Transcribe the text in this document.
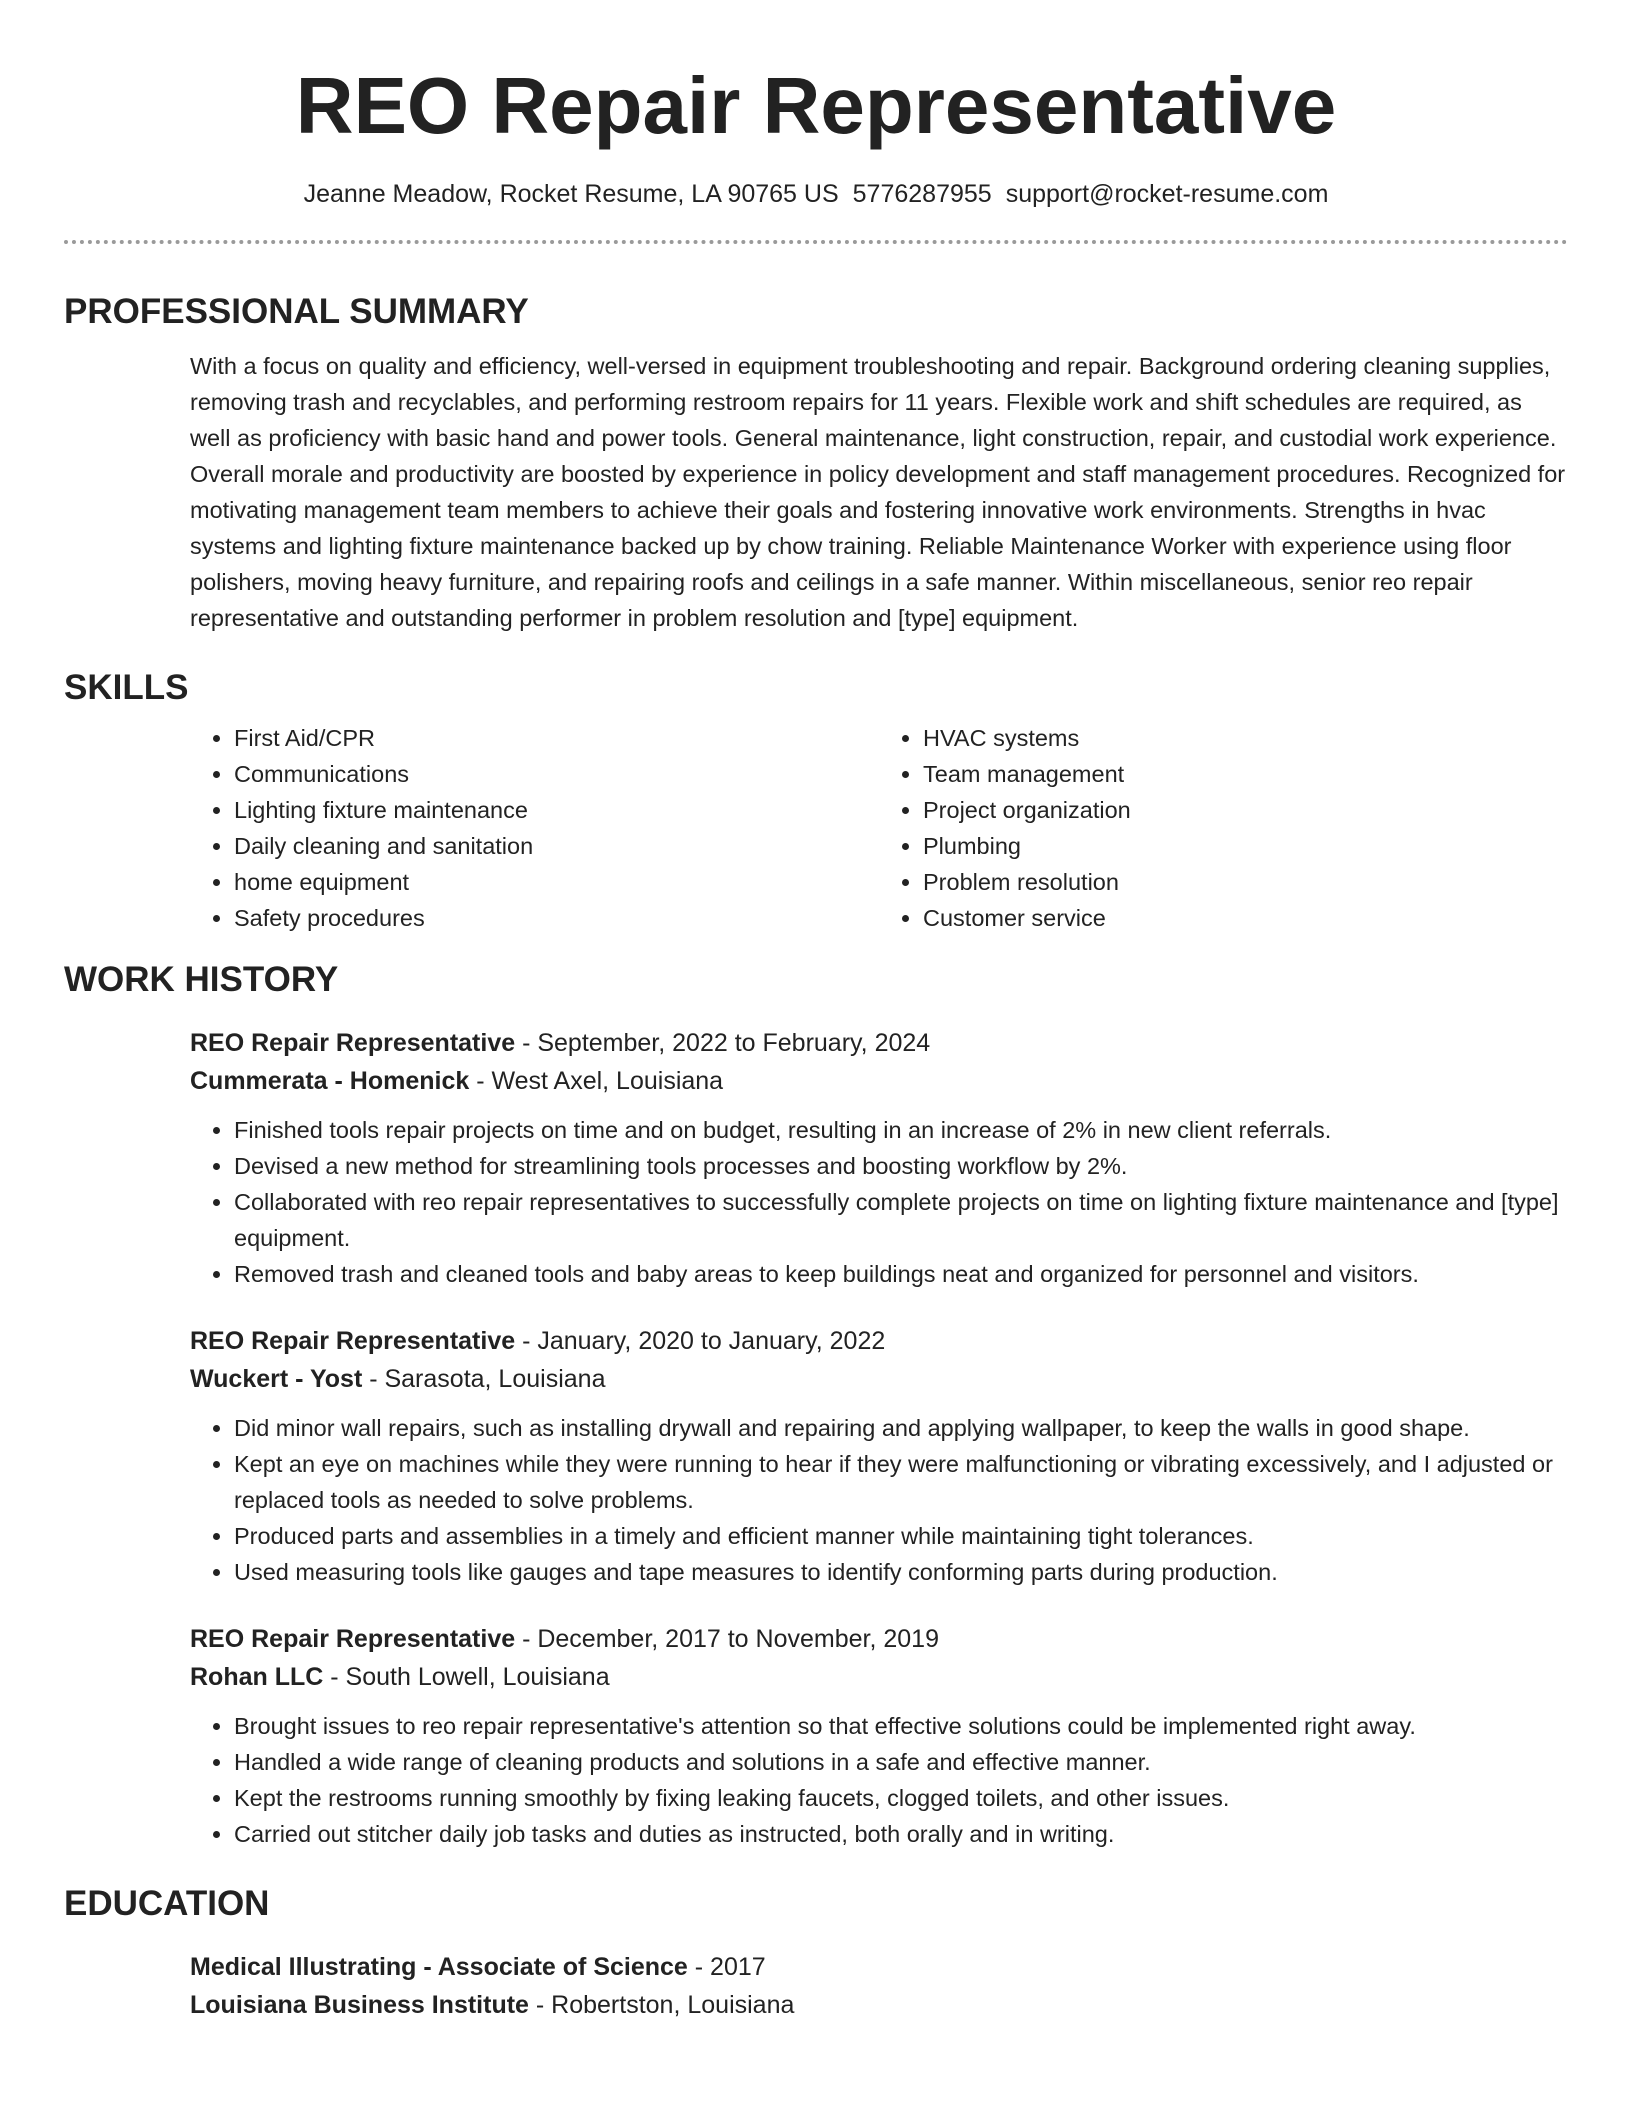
REO Repair Representative
Jeanne Meadow, Rocket Resume, LA 90765 US 5776287955 support@rocket-resume.com
PROFESSIONAL SUMMARY

With a focus on quality and efficiency, well-versed in equipment troubleshooting and repair. Background ordering cleaning supplies, removing trash and recyclables, and performing restroom repairs for 11 years. Flexible work and shift schedules are required, as well as proficiency with basic hand and power tools. General maintenance, light construction, repair, and custodial work experience. Overall morale and productivity are boosted by experience in policy development and staff management procedures. Recognized for motivating management team members to achieve their goals and fostering innovative work environments. Strengths in hvac systems and lighting fixture maintenance backed up by chow training. Reliable Maintenance Worker with experience using floor polishers, moving heavy furniture, and repairing roofs and ceilings in a safe manner. Within miscellaneous, senior reo repair representative and outstanding performer in problem resolution and [type] equipment.

SKILLS
• First Aid/CPR
• Communications
• Lighting fixture maintenance
• Daily cleaning and sanitation
• home equipment
• Safety procedures
• HVAC systems
• Team management
• Project organization
• Plumbing
• Problem resolution
• Customer service
WORK HISTORY

REO Repair Representative - September, 2022 to February, 2024

Cummerata - Homenick - West Axel, Louisiana

• Finished tools repair projects on time and on budget, resulting in an increase of 2% in new client referrals.
• Devised a new method for streamlining tools processes and boosting workflow by 2%.
• Collaborated with reo repair representatives to successfully complete projects on time on lighting fixture maintenance and [type] equipment.
• Removed trash and cleaned tools and baby areas to keep buildings neat and organized for personnel and visitors.

REO Repair Representative - January, 2020 to January, 2022

Wuckert - Yost - Sarasota, Louisiana

• Did minor wall repairs, such as installing drywall and repairing and applying wallpaper, to keep the walls in good shape.
• Kept an eye on machines while they were running to hear if they were malfunctioning or vibrating excessively, and I adjusted or replaced tools as needed to solve problems.
• Produced parts and assemblies in a timely and efficient manner while maintaining tight tolerances.
• Used measuring tools like gauges and tape measures to identify conforming parts during production.

REO Repair Representative - December, 2017 to November, 2019

Rohan LLC - South Lowell, Louisiana

• Brought issues to reo repair representative's attention so that effective solutions could be implemented right away.
• Handled a wide range of cleaning products and solutions in a safe and effective manner.
• Kept the restrooms running smoothly by fixing leaking faucets, clogged toilets, and other issues.
• Carried out stitcher daily job tasks and duties as instructed, both orally and in writing.
EDUCATION

Medical Illustrating - Associate of Science - 2017

Louisiana Business Institute - Robertston, Louisiana
